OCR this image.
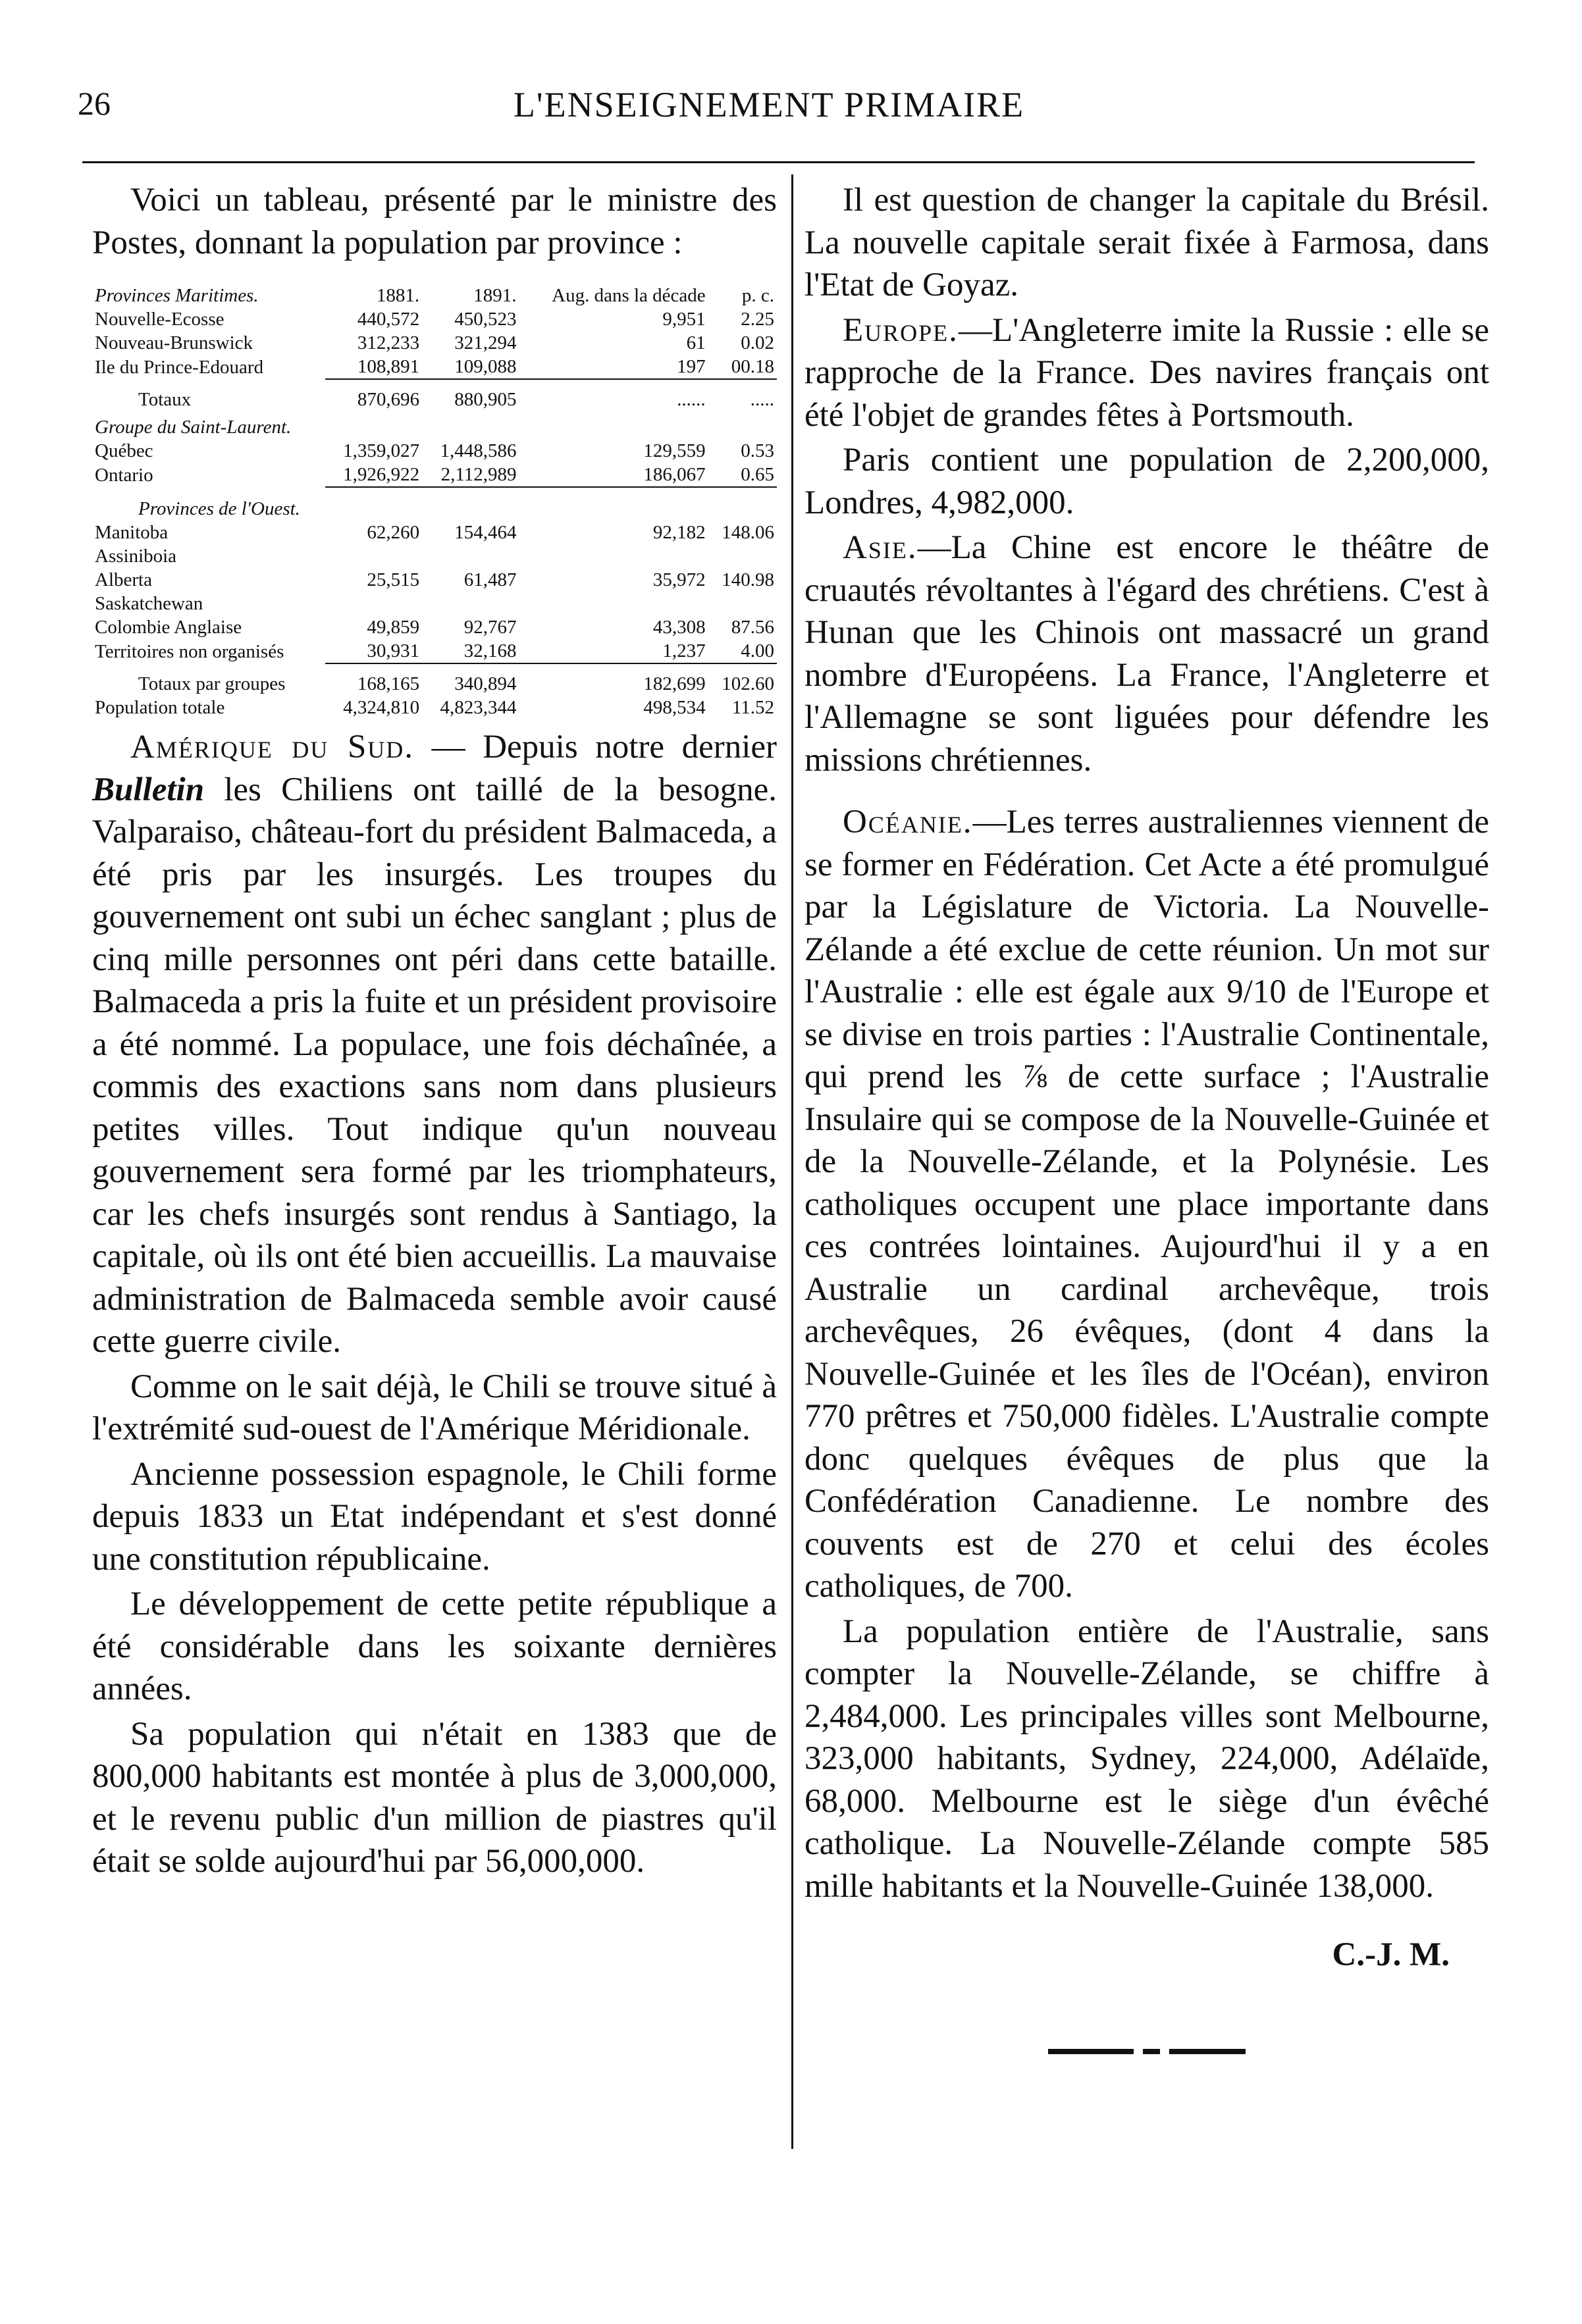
26	L'ENSEIGNEMENT PRIMAIRE

Voici un tableau, présenté par le ministre des Postes, donnant la population par province :

Provinces Maritimes.	1881.	1891.	Aug. dans la décade	p. c.
Nouvelle-Ecosse	440,572	450,523	9,951	2.25
Nouveau-Brunswick	312,233	321,294	61	0.02
Ile du Prince-Edouard	108,891	109,088	197	00.18
Totaux	870,696	880,905	......	.....
Groupe du Saint-Laurent.				
Québec	1,359,027	1,448,586	129,559	0.53
Ontario	1,926,922	2,112,989	186,067	0.65
Provinces de l'Ouest.				
Manitoba	62,260	154,464	92,182	148.06
Assiniboia				
Alberta	25,515	61,487	35,972	140.98
Saskatchewan				
Colombie Anglaise	49,859	92,767	43,308	87.56
Territoires non organisés	30,931	32,168	1,237	4.00
Totaux par groupes	168,165	340,894	182,699	102.60
Population totale	4,324,810	4,823,344	498,534	11.52

Amérique du Sud. — Depuis notre dernier Bulletin les Chiliens ont taillé de la besogne. Valparaiso, château-fort du président Balmaceda, a été pris par les insurgés. Les troupes du gouvernement ont subi un échec sanglant ; plus de cinq mille personnes ont péri dans cette bataille. Balmaceda a pris la fuite et un président provisoire a été nommé. La populace, une fois déchaînée, a commis des exactions sans nom dans plusieurs petites villes. Tout indique qu'un nouveau gouvernement sera formé par les triomphateurs, car les chefs insurgés sont rendus à Santiago, la capitale, où ils ont été bien accueillis. La mauvaise administration de Balmaceda semble avoir causé cette guerre civile.

Comme on le sait déjà, le Chili se trouve situé à l'extrémité sud-ouest de l'Amérique Méridionale.

Ancienne possession espagnole, le Chili forme depuis 1833 un Etat indépendant et s'est donné une constitution républicaine.

Le développement de cette petite république a été considérable dans les soixante dernières années.

Sa population qui n'était en 1383 que de 800,000 habitants est montée à plus de 3,000,000, et le revenu public d'un million de piastres qu'il était se solde aujourd'hui par 56,000,000.

Il est question de changer la capitale du Brésil. La nouvelle capitale serait fixée à Farmosa, dans l'Etat de Goyaz.

Europe.—L'Angleterre imite la Russie : elle se rapproche de la France. Des navires français ont été l'objet de grandes fêtes à Portsmouth.

Paris contient une population de 2,200,000, Londres, 4,982,000.

Asie.—La Chine est encore le théâtre de cruautés révoltantes à l'égard des chrétiens. C'est à Hunan que les Chinois ont massacré un grand nombre d'Européens. La France, l'Angleterre et l'Allemagne se sont liguées pour défendre les missions chrétiennes.

Océanie.—Les terres australiennes viennent de se former en Fédération. Cet Acte a été promulgué par la Législature de Victoria. La Nouvelle-Zélande a été exclue de cette réunion. Un mot sur l'Australie : elle est égale aux 9/10 de l'Europe et se divise en trois parties : l'Australie Continentale, qui prend les ⅞ de cette surface ; l'Australie Insulaire qui se compose de la Nouvelle-Guinée et de la Nouvelle-Zélande, et la Polynésie. Les catholiques occupent une place importante dans ces contrées lointaines. Aujourd'hui il y a en Australie un cardinal archevêque, trois archevêques, 26 évêques, (dont 4 dans la Nouvelle-Guinée et les îles de l'Océan), environ 770 prêtres et 750,000 fidèles. L'Australie compte donc quelques évêques de plus que la Confédération Canadienne. Le nombre des couvents est de 270 et celui des écoles catholiques, de 700.

La population entière de l'Australie, sans compter la Nouvelle-Zélande, se chiffre à 2,484,000. Les principales villes sont Melbourne, 323,000 habitants, Sydney, 224,000, Adélaïde, 68,000. Melbourne est le siège d'un évêché catholique. La Nouvelle-Zélande compte 585 mille habitants et la Nouvelle-Guinée 138,000.

C.-J. M.
